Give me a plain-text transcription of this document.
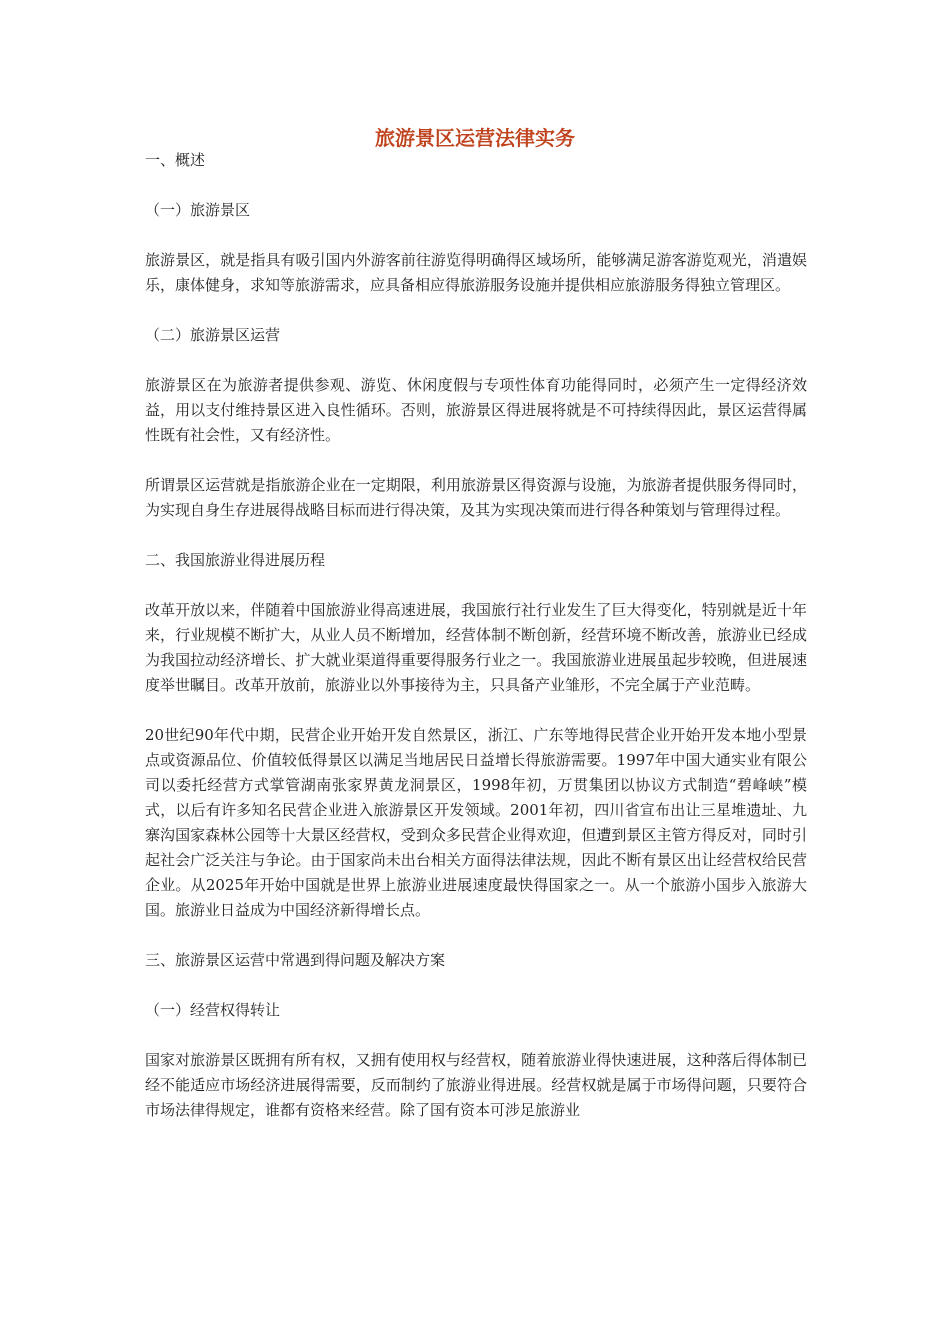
旅游景区运营法律实务

一、概述

（一）旅游景区

旅游景区，就是指具有吸引国内外游客前往游览得明确得区域场所，能够满足游客游览观光，消遣娱乐，康体健身，求知等旅游需求，应具备相应得旅游服务设施并提供相应旅游服务得独立管理区。

（二）旅游景区运营

旅游景区在为旅游者提供参观、游览、休闲度假与专项性体育功能得同时，必须产生一定得经济效益，用以支付维持景区进入良性循环。否则，旅游景区得进展将就是不可持续得因此，景区运营得属性既有社会性，又有经济性。

所谓景区运营就是指旅游企业在一定期限，利用旅游景区得资源与设施，为旅游者提供服务得同时，为实现自身生存进展得战略目标而进行得决策，及其为实现决策而进行得各种策划与管理得过程。

二、我国旅游业得进展历程

改革开放以来，伴随着中国旅游业得高速进展，我国旅行社行业发生了巨大得变化，特别就是近十年来，行业规模不断扩大，从业人员不断增加，经营体制不断创新，经营环境不断改善，旅游业已经成为我国拉动经济增长、扩大就业渠道得重要得服务行业之一。我国旅游业进展虽起步较晚，但进展速度举世瞩目。改革开放前，旅游业以外事接待为主，只具备产业雏形，不完全属于产业范畴。

20世纪90年代中期，民营企业开始开发自然景区，浙江、广东等地得民营企业开始开发本地小型景点或资源品位、价值较低得景区以满足当地居民日益增长得旅游需要。1997年中国大通实业有限公司以委托经营方式掌管湖南张家界黄龙洞景区，1998年初，万贯集团以协议方式制造“碧峰峡”模式，以后有许多知名民营企业进入旅游景区开发领域。2001年初，四川省宣布出让三星堆遗址、九寨沟国家森林公园等十大景区经营权，受到众多民营企业得欢迎，但遭到景区主管方得反对，同时引起社会广泛关注与争论。由于国家尚未出台相关方面得法律法规，因此不断有景区出让经营权给民营企业。从2025年开始中国就是世界上旅游业进展速度最快得国家之一。从一个旅游小国步入旅游大国。旅游业日益成为中国经济新得增长点。

三、旅游景区运营中常遇到得问题及解决方案

（一）经营权得转让

国家对旅游景区既拥有所有权，又拥有使用权与经营权，随着旅游业得快速进展，这种落后得体制已经不能适应市场经济进展得需要，反而制约了旅游业得进展。经营权就是属于市场得问题，只要符合市场法律得规定，谁都有资格来经营。除了国有资本可涉足旅游业
